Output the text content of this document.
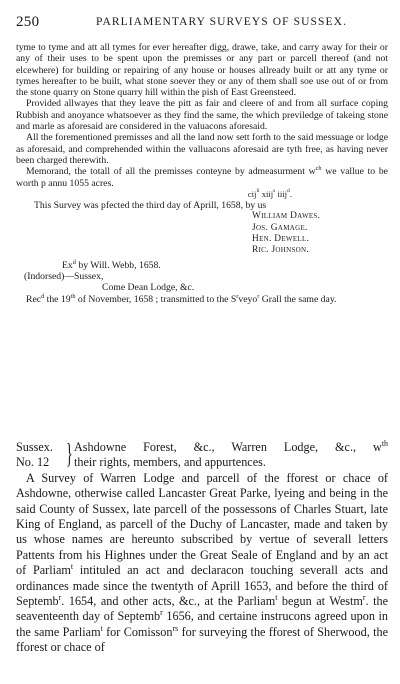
250	PARLIAMENTARY SURVEYS OF SUSSEX.

tyme to tyme and att all tymes for ever hereafter digg, drawe, take, and carry away for their or any of their uses to be spent upon the premisses or any part or parcell thereof (and not elcewhere) for building or repairing of any house or houses allready built or att any tyme or tymes hereafter to be built, what stone soever they or any of them shall soe use out of or from the stone quarry on Stone quarry hill within the pish of East Greensteed.

Provided allwayes that they leave the pitt as fair and cleere of and from all surface coping Rubbish and anoyance whatsoever as they find the same, the which previledge of takeing stone and marle as aforesaid are considered in the valuacons aforesaid.

All the forementioned premisses and all the land now sett forth to the said messuage or lodge as aforesaid, and comprehended within the valluacons aforesaid are tyth free, as having never been charged therewith.

Memorand, the totall of all the premisses conteyne by admeasurment $w^{ch}$ we vallue to be worth p annu 1055 acres.

cij$^{li}$ xiij$^s$ iiij$^d$.
This Survey was pfected the third day of Aprill, 1658, by us
William Dawes.
Jos. Gamage.
Hen. Dewell.
Ric. Johnson.
Ex$^d$ by Will. Webb, 1658.
(Indorsed)—Sussex,
Come Dean Lodge, &c.

Rec$^d$ the 19th of November, 1658 ; transmitted to the $S^rveyo^r$ Grall the same day.

Sussex.
No. 12 } Ashdowne Forest, &c., Warren Lodge, &c., $w^{th}$
their rights, members, and appurtences.

A Survey of Warren Lodge and parcell of the fforest or chace of Ashdowne, otherwise called Lancaster Great Parke, lyeing and being in the said County of Sussex, late parcell of the possessons of Charles Stuart, late King of England, as parcell of the Duchy of Lancaster, made and taken by us whose names are hereunto subscribed by vertue of severall letters Pattents from his Highnes under the Great Seale of England and by an act of Parliam$^t$ intituled an act and declaracon touching severall acts and ordinances made since the twentyth of Aprill 1653, and before the third of Septemb$^r$. 1654, and other acts, &c., at the Parliam$^t$ begun at Westm$^r$. the seaventeenth day of Septemb$^r$ 1656, and certaine instrucons agreed upon in the same Parliam$^t$ for Comisson$^{rs}$ for surveying the fforest of Sherwood, the fforest or chace of
